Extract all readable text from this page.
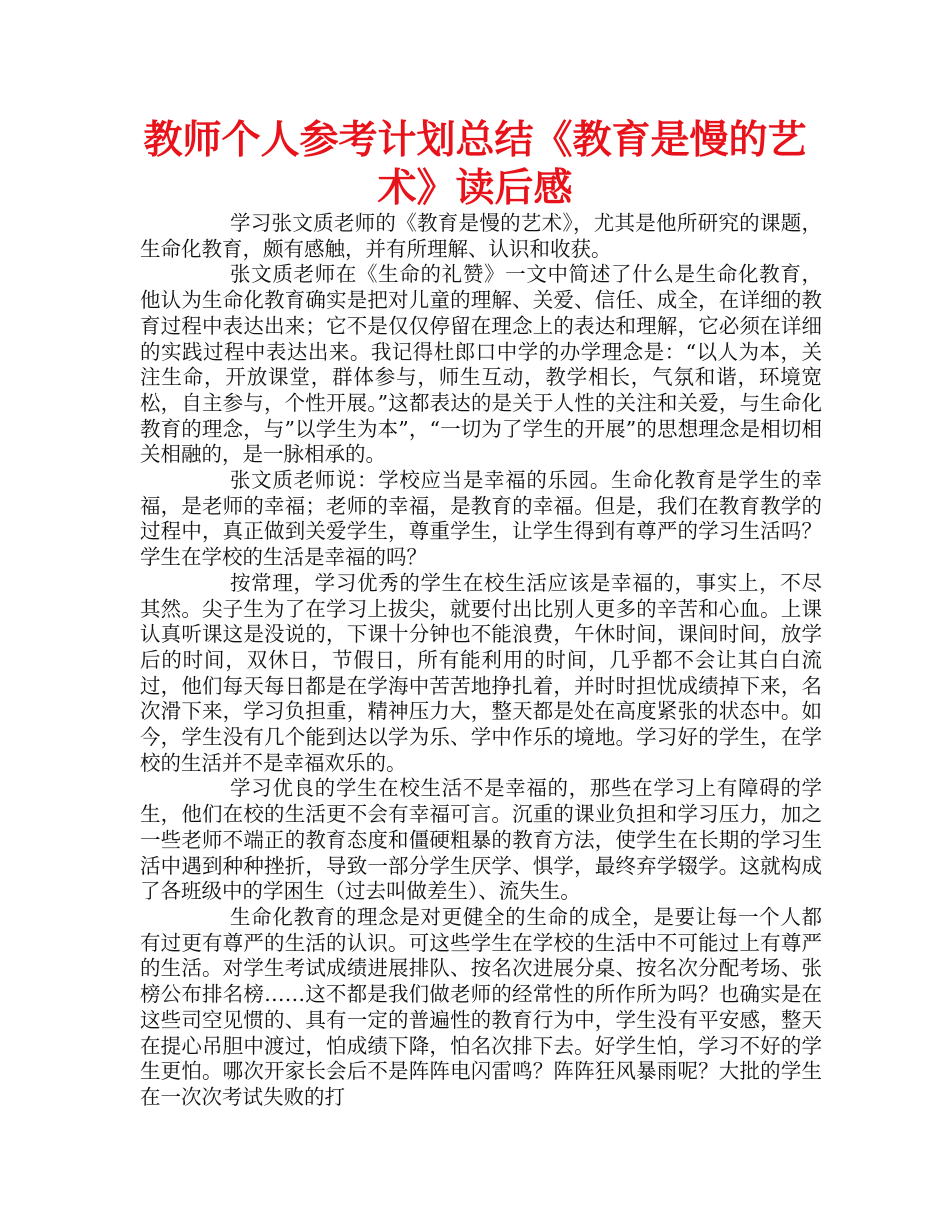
教师个人参考计划总结《教育是慢的艺术》读后感

学习张文质老师的《教育是慢的艺术》，尤其是他所研究的课题，生命化教育，颇有感触，并有所理解、认识和收获。

张文质老师在《生命的礼赞》一文中简述了什么是生命化教育，他认为生命化教育确实是把对儿童的理解、关爱、信任、成全，在详细的教育过程中表达出来；它不是仅仅停留在理念上的表达和理解，它必须在详细的实践过程中表达出来。我记得杜郎口中学的办学理念是：“以人为本，关注生命，开放课堂，群体参与，师生互动，教学相长，气氛和谐，环境宽松，自主参与，个性开展。”这都表达的是关于人性的关注和关爱，与生命化教育的理念，与”以学生为本”，“一切为了学生的开展”的思想理念是相切相关相融的，是一脉相承的。

张文质老师说：学校应当是幸福的乐园。生命化教育是学生的幸福，是老师的幸福；老师的幸福，是教育的幸福。但是，我们在教育教学的过程中，真正做到关爱学生，尊重学生，让学生得到有尊严的学习生活吗？学生在学校的生活是幸福的吗？

按常理，学习优秀的学生在校生活应该是幸福的，事实上，不尽其然。尖子生为了在学习上拔尖，就要付出比别人更多的辛苦和心血。上课认真听课这是没说的，下课十分钟也不能浪费，午休时间，课间时间，放学后的时间，双休日，节假日，所有能利用的时间，几乎都不会让其白白流过，他们每天每日都是在学海中苦苦地挣扎着，并时时担忧成绩掉下来，名次滑下来，学习负担重，精神压力大，整天都是处在高度紧张的状态中。如今，学生没有几个能到达以学为乐、学中作乐的境地。学习好的学生，在学校的生活并不是幸福欢乐的。

学习优良的学生在校生活不是幸福的，那些在学习上有障碍的学生，他们在校的生活更不会有幸福可言。沉重的课业负担和学习压力，加之一些老师不端正的教育态度和僵硬粗暴的教育方法，使学生在长期的学习生活中遇到种种挫折，导致一部分学生厌学、惧学，最终弃学辍学。这就构成了各班级中的学困生（过去叫做差生）、流失生。

生命化教育的理念是对更健全的生命的成全，是要让每一个人都有过更有尊严的生活的认识。可这些学生在学校的生活中不可能过上有尊严的生活。对学生考试成绩进展排队、按名次进展分桌、按名次分配考场、张榜公布排名榜……这不都是我们做老师的经常性的所作所为吗？也确实是在这些司空见惯的、具有一定的普遍性的教育行为中，学生没有平安感，整天在提心吊胆中渡过，怕成绩下降，怕名次排下去。好学生怕，学习不好的学生更怕。哪次开家长会后不是阵阵电闪雷鸣？阵阵狂风暴雨呢？大批的学生在一次次考试失败的打
